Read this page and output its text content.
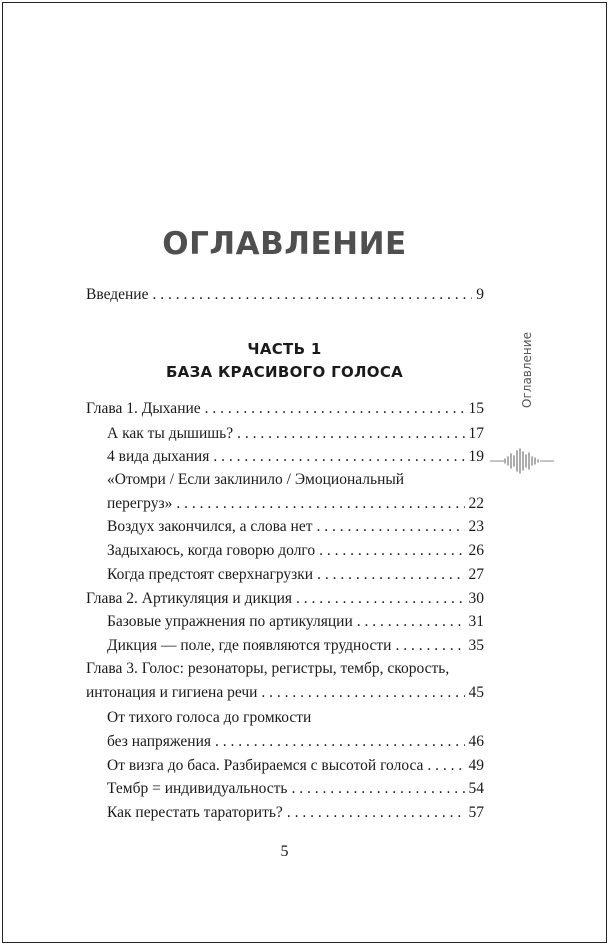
ОГЛАВЛЕНИЕ
Введение . . .	9
ЧАСТЬ 1
БАЗА КРАСИВОГО ГОЛОСА
Глава 1. Дыхание . . .	15
А как ты дышишь? . . .	17
4 вида дыхания . . .	19
«Отомри / Если заклинило / Эмоциональный
перегруз» . . .	22
Воздух закончился, а слова нет . . .	23
Задыхаюсь, когда говорю долго . . .	26
Когда предстоят сверхнагрузки . . .	27
Глава 2. Артикуляция и дикция . . .	30
Базовые упражнения по артикуляции . . .	31
Дикция — поле, где появляются трудности . . .	35
Глава 3. Голос: резонаторы, регистры, тембр, скорость,
интонация и гигиена речи . . .	45
От тихого голоса до громкости
без напряжения . . .	46
От визга до баса. Разбираемся с высотой голоса . . .	49
Тембр = индивидуальность . . .	54
Как перестать тараторить? . . .	57
Оглавление
5
